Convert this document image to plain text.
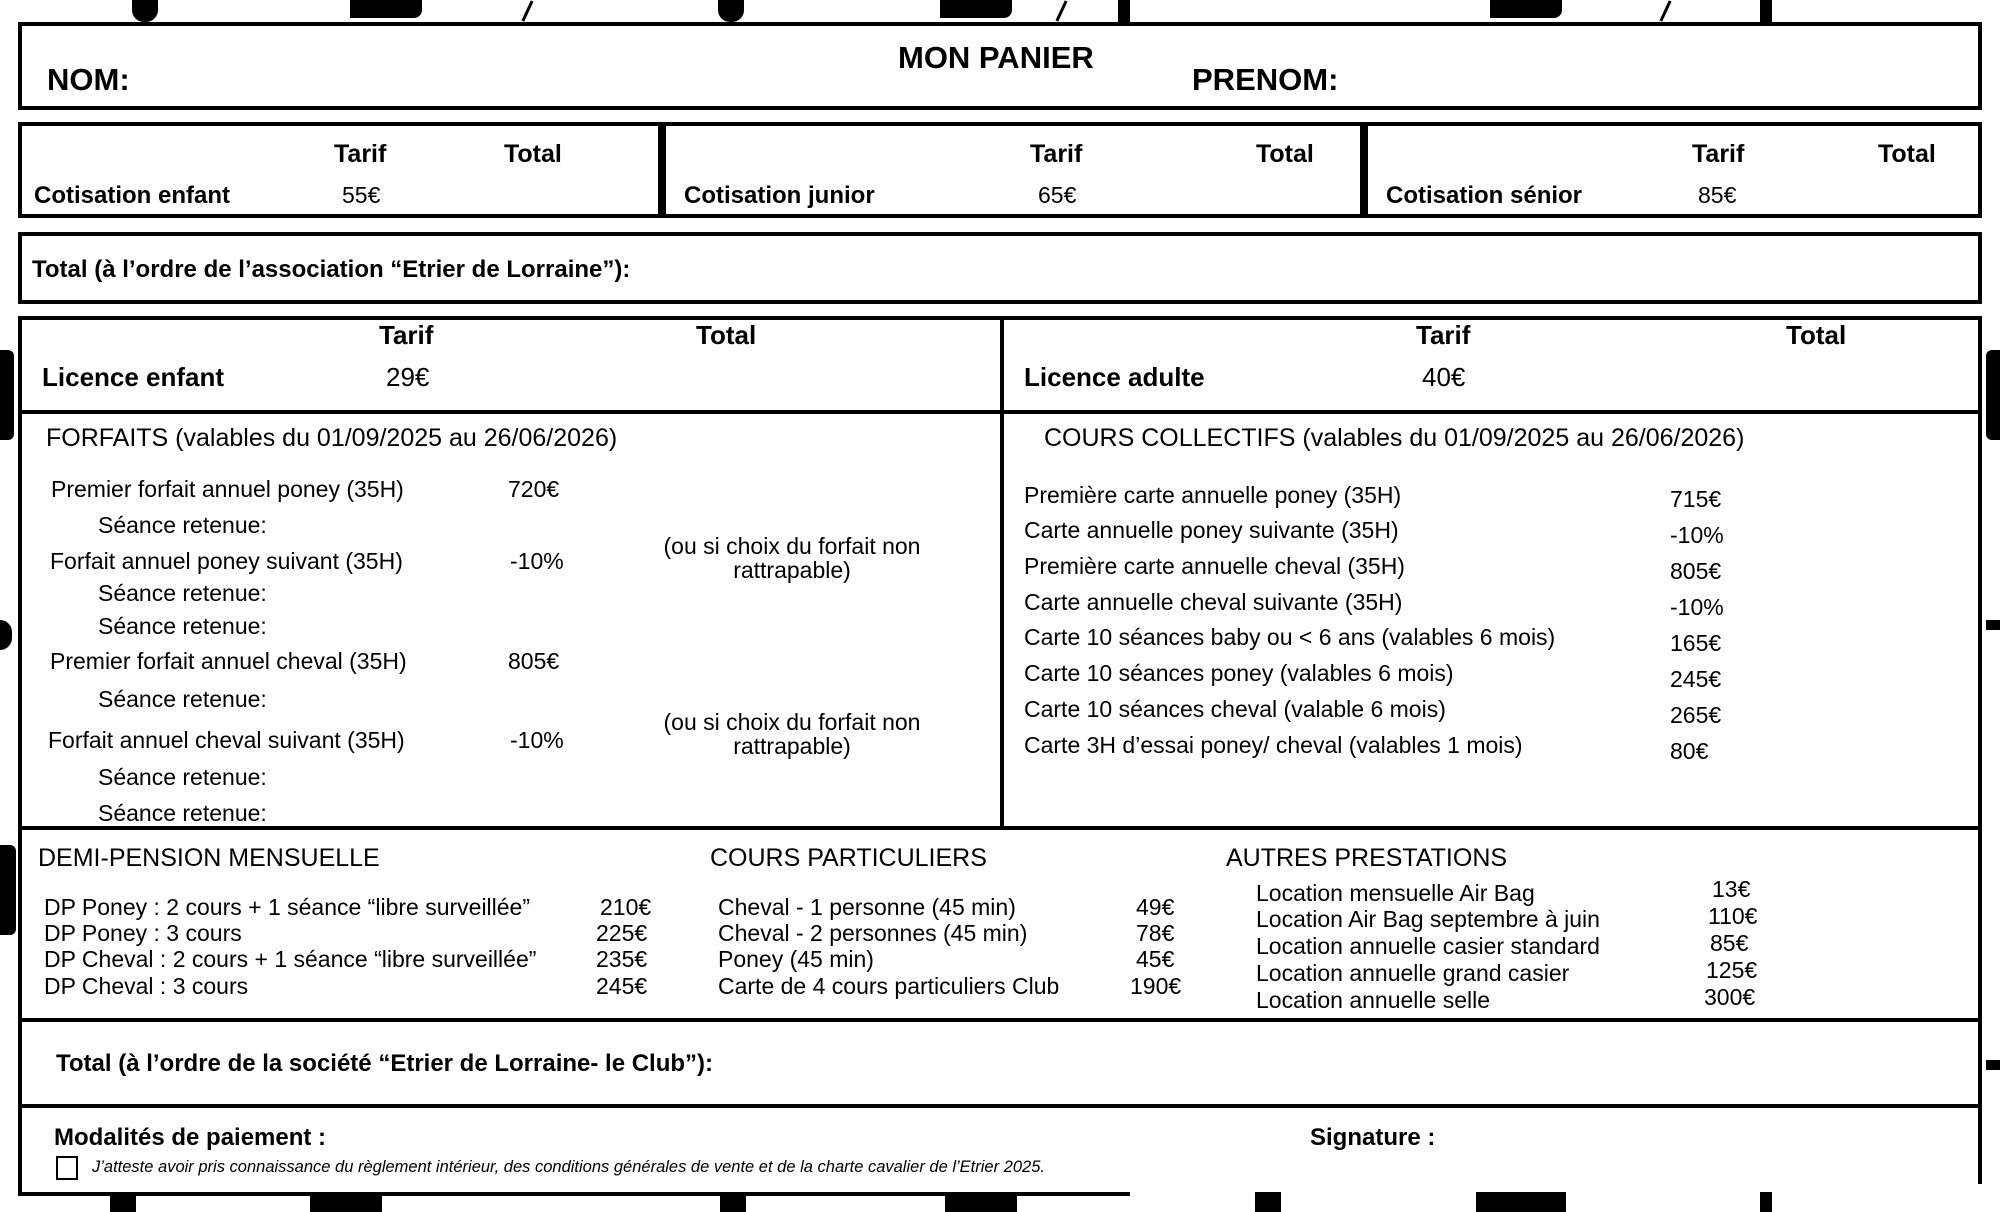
NOM:
MON PANIER
PRENOM:
Tarif	Total
Cotisation enfant	55€
Tarif	Total
Cotisation junior	65€
Tarif	Total
Cotisation sénior	85€
Total (à l’ordre de l’association “Etrier de Lorraine”):
Tarif	Total
Licence enfant	29€
Tarif	Total
Licence adulte	40€
FORFAITS (valables du 01/09/2025 au 26/06/2026)
Premier forfait annuel poney (35H)	720€
Séance retenue:
Forfait annuel poney suivant (35H)	-10%
(ou si choix du forfait non
rattrapable)
Séance retenue:
Séance retenue:
Premier forfait annuel cheval (35H)	805€
Séance retenue:
Forfait annuel cheval suivant (35H)	-10%
(ou si choix du forfait non
rattrapable)
Séance retenue:
Séance retenue:
COURS COLLECTIFS (valables du 01/09/2025 au 26/06/2026)
Première carte annuelle poney (35H)	715€
Carte annuelle poney suivante (35H)	-10%
Première carte annuelle cheval (35H)	805€
Carte annuelle cheval suivante (35H)	-10%
Carte 10 séances baby ou < 6 ans (valables 6 mois)	165€
Carte 10 séances poney (valables 6 mois)	245€
Carte 10 séances cheval (valable 6 mois)	265€
Carte 3H d’essai poney/ cheval (valables 1 mois)	80€
DEMI-PENSION MENSUELLE
DP Poney : 2 cours + 1 séance “libre surveillée”	210€
DP Poney : 3 cours	225€
DP Cheval : 2 cours + 1 séance “libre surveillée”	235€
DP Cheval : 3 cours	245€
COURS PARTICULIERS
Cheval - 1 personne (45 min)	49€
Cheval - 2 personnes (45 min)	78€
Poney (45 min)	45€
Carte de 4 cours particuliers Club	190€
AUTRES PRESTATIONS
Location mensuelle Air Bag	13€
Location Air Bag septembre à juin	110€
Location annuelle casier standard	85€
Location annuelle grand casier	125€
Location annuelle selle	300€
Total (à l’ordre de la société “Etrier de Lorraine- le Club”):
Modalités de paiement :	Signature :
J’atteste avoir pris connaissance du règlement intérieur, des conditions générales de vente et de la charte cavalier de l’Etrier 2025.
